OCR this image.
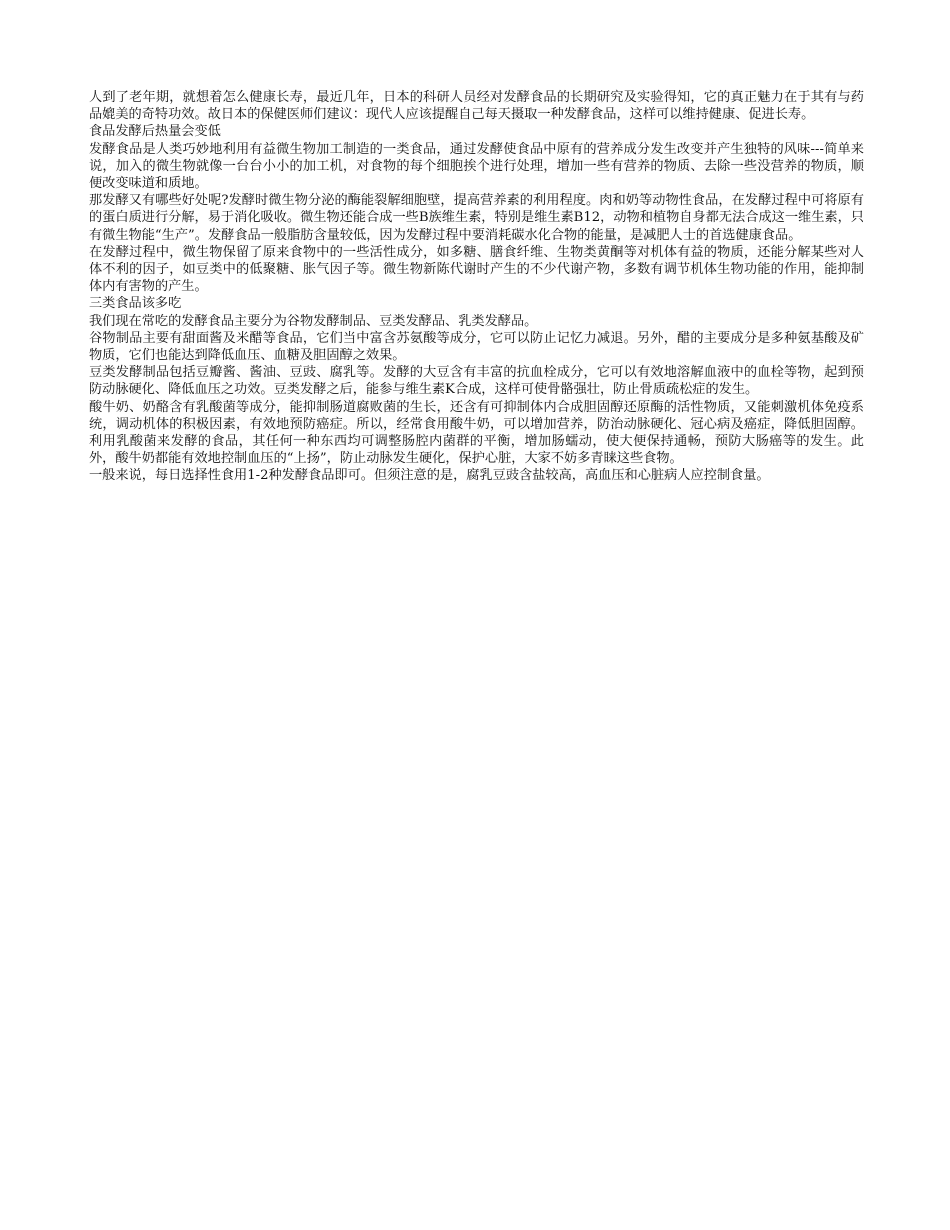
人到了老年期，就想着怎么健康长寿，最近几年，日本的科研人员经对发酵食品的长期研究及实验得知，它的真正魅力在于其有与药品媲美的奇特功效。故日本的保健医师们建议：现代人应该提醒自己每天摄取一种发酵食品，这样可以维持健康、促进长寿。

食品发酵后热量会变低

发酵食品是人类巧妙地利用有益微生物加工制造的一类食品，通过发酵使食品中原有的营养成分发生改变并产生独特的风味---简单来说，加入的微生物就像一台台小小的加工机，对食物的每个细胞挨个进行处理，增加一些有营养的物质、去除一些没营养的物质，顺便改变味道和质地。

那发酵又有哪些好处呢?发酵时微生物分泌的酶能裂解细胞壁，提高营养素的利用程度。肉和奶等动物性食品，在发酵过程中可将原有的蛋白质进行分解，易于消化吸收。微生物还能合成一些B族维生素，特别是维生素B12，动物和植物自身都无法合成这一维生素，只有微生物能“生产”。发酵食品一般脂肪含量较低，因为发酵过程中要消耗碳水化合物的能量，是减肥人士的首选健康食品。

在发酵过程中，微生物保留了原来食物中的一些活性成分，如多糖、膳食纤维、生物类黄酮等对机体有益的物质，还能分解某些对人体不利的因子，如豆类中的低聚糖、胀气因子等。微生物新陈代谢时产生的不少代谢产物，多数有调节机体生物功能的作用，能抑制体内有害物的产生。

三类食品该多吃

我们现在常吃的发酵食品主要分为谷物发酵制品、豆类发酵品、乳类发酵品。

谷物制品主要有甜面酱及米醋等食品，它们当中富含苏氨酸等成分，它可以防止记忆力减退。另外，醋的主要成分是多种氨基酸及矿物质，它们也能达到降低血压、血糖及胆固醇之效果。

豆类发酵制品包括豆瓣酱、酱油、豆豉、腐乳等。发酵的大豆含有丰富的抗血栓成分，它可以有效地溶解血液中的血栓等物，起到预防动脉硬化、降低血压之功效。豆类发酵之后，能参与维生素K合成，这样可使骨骼强壮，防止骨质疏松症的发生。

酸牛奶、奶酪含有乳酸菌等成分，能抑制肠道腐败菌的生长，还含有可抑制体内合成胆固醇还原酶的活性物质，又能刺激机体免疫系统，调动机体的积极因素，有效地预防癌症。所以，经常食用酸牛奶，可以增加营养，防治动脉硬化、冠心病及癌症，降低胆固醇。利用乳酸菌来发酵的食品，其任何一种东西均可调整肠腔内菌群的平衡，增加肠蠕动，使大便保持通畅，预防大肠癌等的发生。此外，酸牛奶都能有效地控制血压的“上扬”，防止动脉发生硬化，保护心脏，大家不妨多青睐这些食物。

一般来说，每日选择性食用1-2种发酵食品即可。但须注意的是，腐乳豆豉含盐较高，高血压和心脏病人应控制食量。
